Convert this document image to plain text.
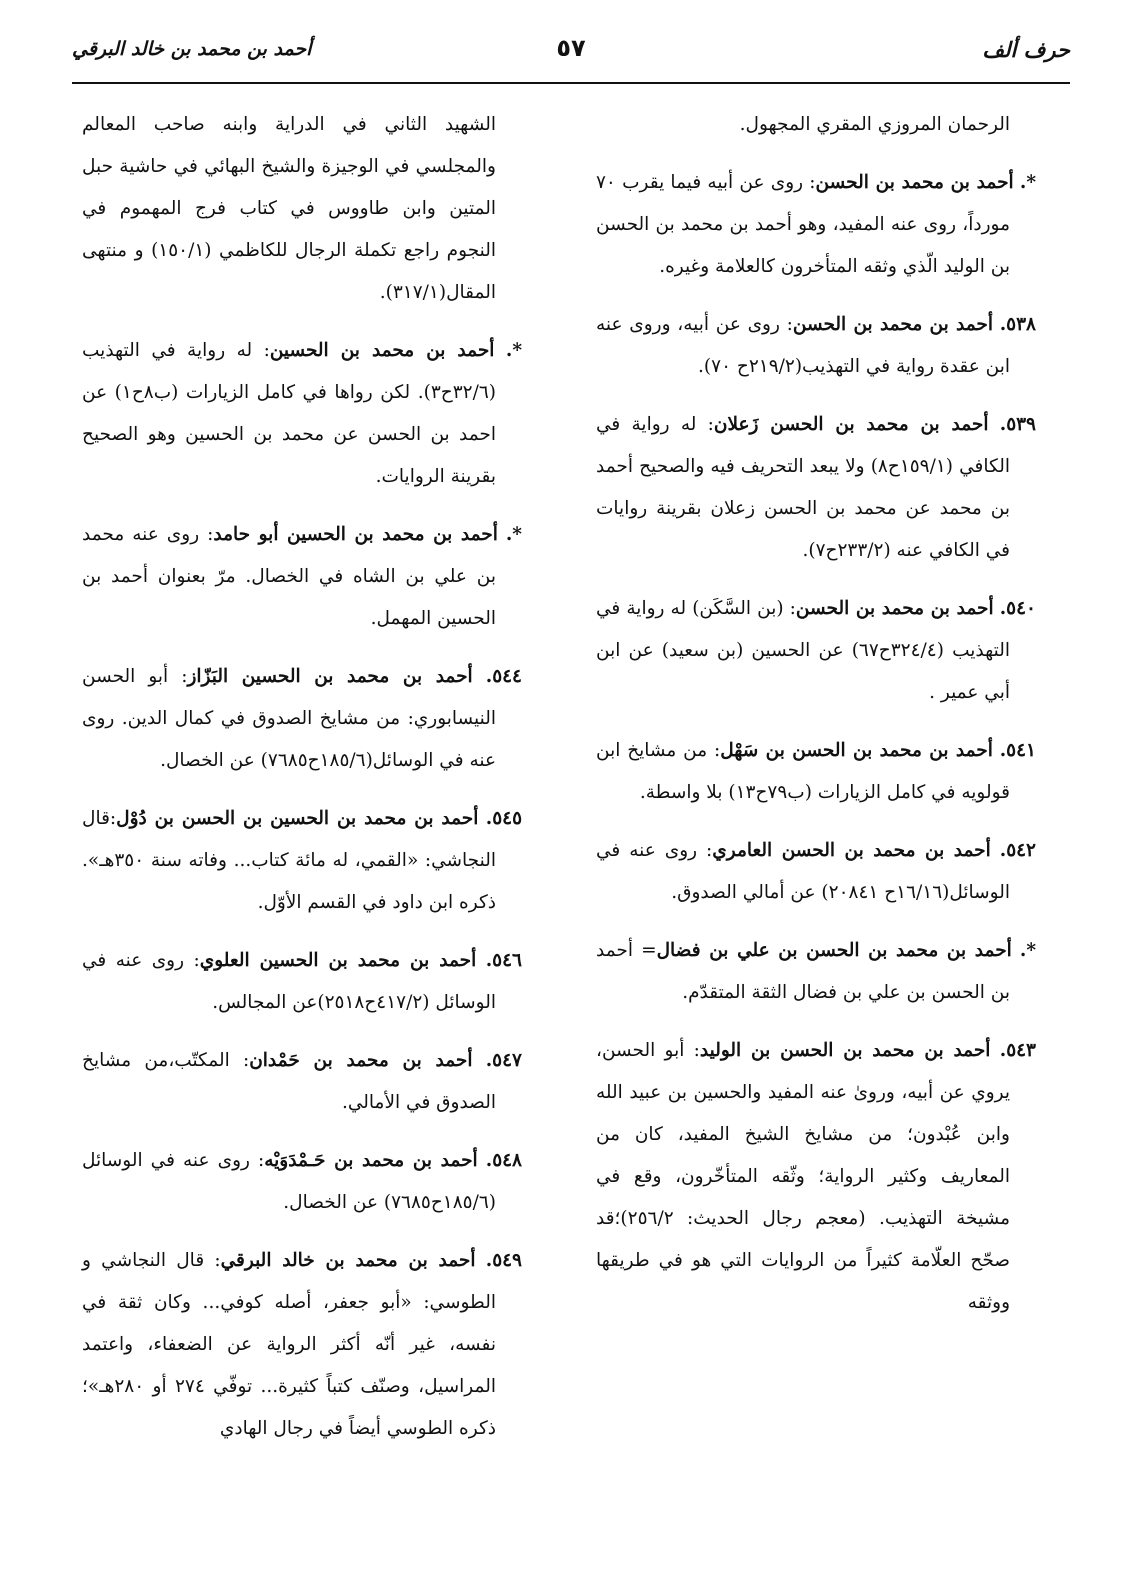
حرف ألف
٥٧
أحمد بن محمد بن خالد البرقي

الرحمان المروزي المقري المجهول.

*. أحمد بن محمد بن الحسن: روى عن أبيه فيما يقرب ٧٠ مورداً، روى عنه المفيد، وهو أحمد بن محمد بن الحسن بن الوليد الّذي وثقه المتأخرون كالعلامة وغيره.

٥٣٨. أحمد بن محمد بن الحسن: روى عن أبيه، وروى عنه ابن عقدة رواية في التهذيب(٢١٩/٢ح ٧٠).

٥٣٩. أحمد بن محمد بن الحسن زَعلان: له رواية في الكافي (١٥٩/١ح٨) ولا يبعد التحريف فيه والصحيح أحمد بن محمد عن محمد بن الحسن زعلان بقرينة روايات في الكافي عنه (٢٣٣/٢ح٧).

٥٤٠. أحمد بن محمد بن الحسن: (بن السَّكَن) له رواية في التهذيب (٣٢٤/٤ح٦٧) عن الحسين (بن سعيد) عن ابن أبي عمير .

٥٤١. أحمد بن محمد بن الحسن بن سَهْل: من مشايخ ابن قولويه في كامل الزيارات (ب٧٩ح١٣) بلا واسطة.

٥٤٢. أحمد بن محمد بن الحسن العامري: روى عنه في الوسائل(١٦/١٦ح ٢٠٨٤١) عن أمالي الصدوق.

*. أحمد بن محمد بن الحسن بن علي بن فضال= أحمد بن الحسن بن علي بن فضال الثقة المتقدّم.

٥٤٣. أحمد بن محمد بن الحسن بن الوليد: أبو الحسن، يروي عن أبيه، وروىٰ عنه المفيد والحسين بن عبيد الله وابن عُبْدون؛ من مشايخ الشيخ المفيد، كان من المعاريف وكثير الرواية؛ وثّقه المتأخّرون، وقع في مشيخة التهذيب. (معجم رجال الحديث: ٢٥٦/٢)؛قد صحّح العلّامة كثيراً من الروايات التي هو في طريقها ووثقه

الشهيد الثاني في الدراية وابنه صاحب المعالم والمجلسي في الوجيزة والشيخ البهائي في حاشية حبل المتين وابن طاووس في كتاب فرج المهموم في النجوم راجع تكملة الرجال للكاظمي (١٥٠/١) و منتهى المقال(٣١٧/١).

*. أحمد بن محمد بن الحسين: له رواية في التهذيب (٣٢/٦ح٣). لكن رواها في كامل الزيارات (ب٨ح١) عن احمد بن الحسن عن محمد بن الحسين وهو الصحيح بقرينة الروايات.

*. أحمد بن محمد بن الحسين أبو حامد: روى عنه محمد بن علي بن الشاه في الخصال. مرّ بعنوان أحمد بن الحسين المهمل.

٥٤٤. أحمد بن محمد بن الحسين البَزّاز: أبو الحسن النيسابوري: من مشايخ الصدوق في كمال الدين. روى عنه في الوسائل(١٨٥/٦ح٧٦٨٥) عن الخصال.

٥٤٥. أحمد بن محمد بن الحسين بن الحسن بن دُوْل:قال النجاشي: «القمي، له مائة كتاب... وفاته سنة ٣٥٠هـ». ذكره ابن داود في القسم الأوّل.

٥٤٦. أحمد بن محمد بن الحسين العلوي: روى عنه في الوسائل (٤١٧/٢ح٢٥١٨)عن المجالس.

٥٤٧. أحمد بن محمد بن حَمْدان: المكتّب،من مشايخ الصدوق في الأمالي.

٥٤٨. أحمد بن محمد بن حَـمْدَوَيْه: روى عنه في الوسائل (١٨٥/٦ح٧٦٨٥) عن الخصال.

٥٤٩. أحمد بن محمد بن خالد البرقي: قال النجاشي و الطوسي: «أبو جعفر، أصله كوفي... وكان ثقة في نفسه، غير أنّه أكثر الرواية عن الضعفاء، واعتمد المراسيل، وصنّف كتباً كثيرة... توفّي ٢٧٤ أو ٢٨٠هـ»؛ذكره الطوسي أيضاً في رجال الهادي
